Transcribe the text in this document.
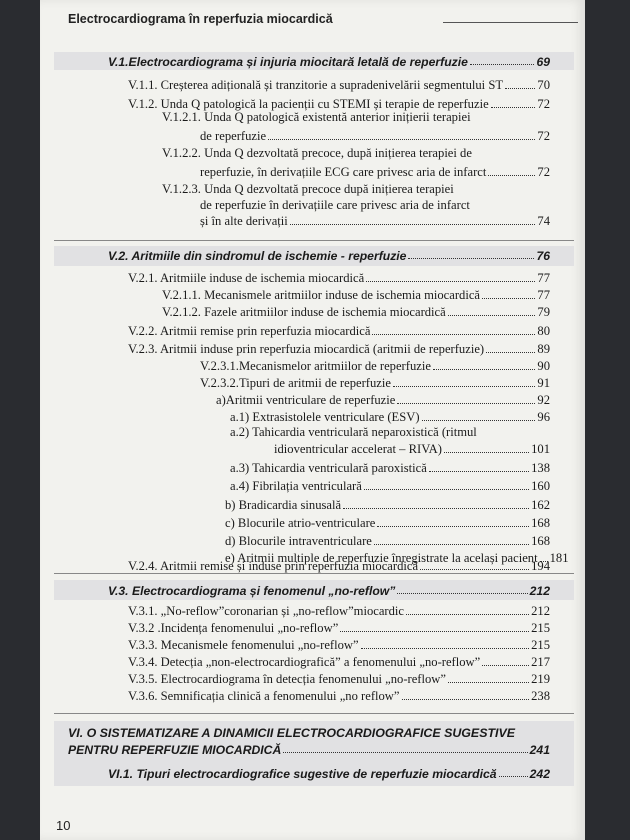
Electrocardiograma în reperfuzia miocardică
V.1.Electrocardiograma și injuria miocitară letală de reperfuzie	69
V.1.1. Creșterea adițională și tranzitorie a supradenivelării segmentului ST	70
V.1.2. Unda Q patologică la pacienții cu STEMI și terapie de reperfuzie	72
V.1.2.1. Unda Q patologică existentă anterior inițierii terapiei
de reperfuzie	72
V.1.2.2. Unda Q dezvoltată precoce, după inițierea terapiei de
reperfuzie, în derivațiile ECG care privesc aria de infarct	72
V.1.2.3. Unda Q dezvoltată precoce după inițierea terapiei
de reperfuzie în derivațiile care privesc aria de infarct
și în alte derivații	74
V.2. Aritmiile din sindromul de ischemie - reperfuzie	76
V.2.1. Aritmiile induse de ischemia miocardică	77
V.2.1.1. Mecanismele aritmiilor induse de ischemia miocardică	77
V.2.1.2. Fazele aritmiilor induse de ischemia miocardică	79
V.2.2. Aritmii remise prin reperfuzia miocardică	80
V.2.3. Aritmii induse prin reperfuzia miocardică (aritmii de reperfuzie)	89
V.2.3.1.Mecanismelor aritmiilor de reperfuzie	90
V.2.3.2.Tipuri de aritmii de reperfuzie	91
a)Aritmii ventriculare de reperfuzie	92
a.1) Extrasistolele ventriculare (ESV)	96
a.2) Tahicardia ventriculară neparoxistică (ritmul
idioventricular accelerat – RIVA)	101
a.3) Tahicardia ventriculară paroxistică	138
a.4) Fibrilația ventriculară	160
b) Bradicardia sinusală	162
c) Blocurile atrio-ventriculare	168
d) Blocurile intraventriculare	168
e) Aritmii multiple de reperfuzie înregistrate la același pacient 181
V.2.4. Aritmii remise și induse prin reperfuzia miocardică	194
V.3. Electrocardiograma și fenomenul „no-reflow”	212
V.3.1. „No-reflow”coronarian și „no-reflow”miocardic	212
V.3.2 .Incidența fenomenului „no-reflow”	215
V.3.3. Mecanismele fenomenului „no-reflow”	215
V.3.4. Detecția „non-electrocardiografică” a fenomenului „no-reflow”	217
V.3.5. Electrocardiograma în detecția fenomenului „no-reflow”	219
V.3.6. Semnificația clinică a fenomenului „no reflow”	238
VI. O SISTEMATIZARE A DINAMICII ELECTROCARDIOGRAFICE SUGESTIVE
PENTRU REPERFUZIE MIOCARDICĂ	241
VI.1. Tipuri electrocardiografice sugestive de reperfuzie miocardică	242
10
